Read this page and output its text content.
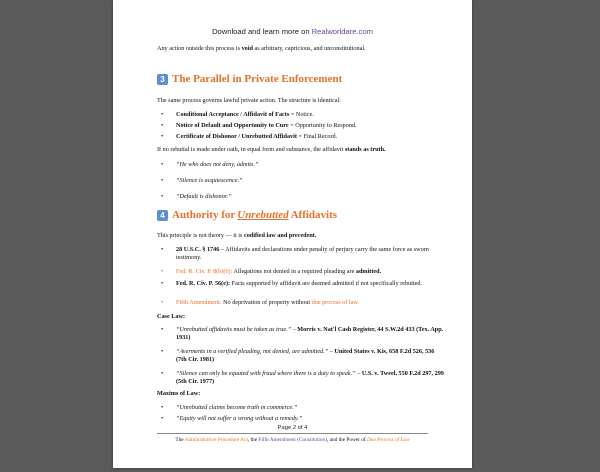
Download and learn more on Realworldare.com
Any action outside this process is void as arbitrary, capricious, and unconstitutional.
3 The Parallel in Private Enforcement
The same process governs lawful private action. The structure is identical:
• Conditional Acceptance / Affidavit of Facts = Notice.
• Notice of Default and Opportunity to Cure = Opportunity to Respond.
• Certificate of Dishonor / Unrebutted Affidavit = Final Record.
If no rebuttal is made under oath, in equal form and substance, the affidavit stands as truth.
• “He who does not deny, admits.”
• “Silence is acquiescence.”
• “Default is dishonor.”
4 Authority for Unrebutted Affidavits
This principle is not theory — it is codified law and precedent.
• 28 U.S.C. § 1746 – Affidavits and declarations under penalty of perjury carry the same force as sworn testimony.
• Fed. R. Civ. P. 8(b)(6): Allegations not denied in a required pleading are admitted.
• Fed. R. Civ. P. 56(e): Facts supported by affidavit are deemed admitted if not specifically rebutted.
• Fifth Amendment: No deprivation of property without due process of law.
Case Law:
• “Unrebutted affidavits must be taken as true.” – Morris v. Nat'l Cash Register, 44 S.W.2d 433 (Tex. App. 1931)
• “Averments in a verified pleading, not denied, are admitted.” – United States v. Kis, 658 F.2d 526, 536 (7th Cir. 1981)
• “Silence can only be equated with fraud where there is a duty to speak.” – U.S. v. Tweel, 550 F.2d 297, 299 (5th Cir. 1977)
Maxims of Law:
• “Unrebutted claims become truth in commerce.”
• “Equity will not suffer a wrong without a remedy.”
Page 2 of 4
The Administrative Procedure Act, the Fifth Amendment (Constitution), and the Power of Due Process of Law
